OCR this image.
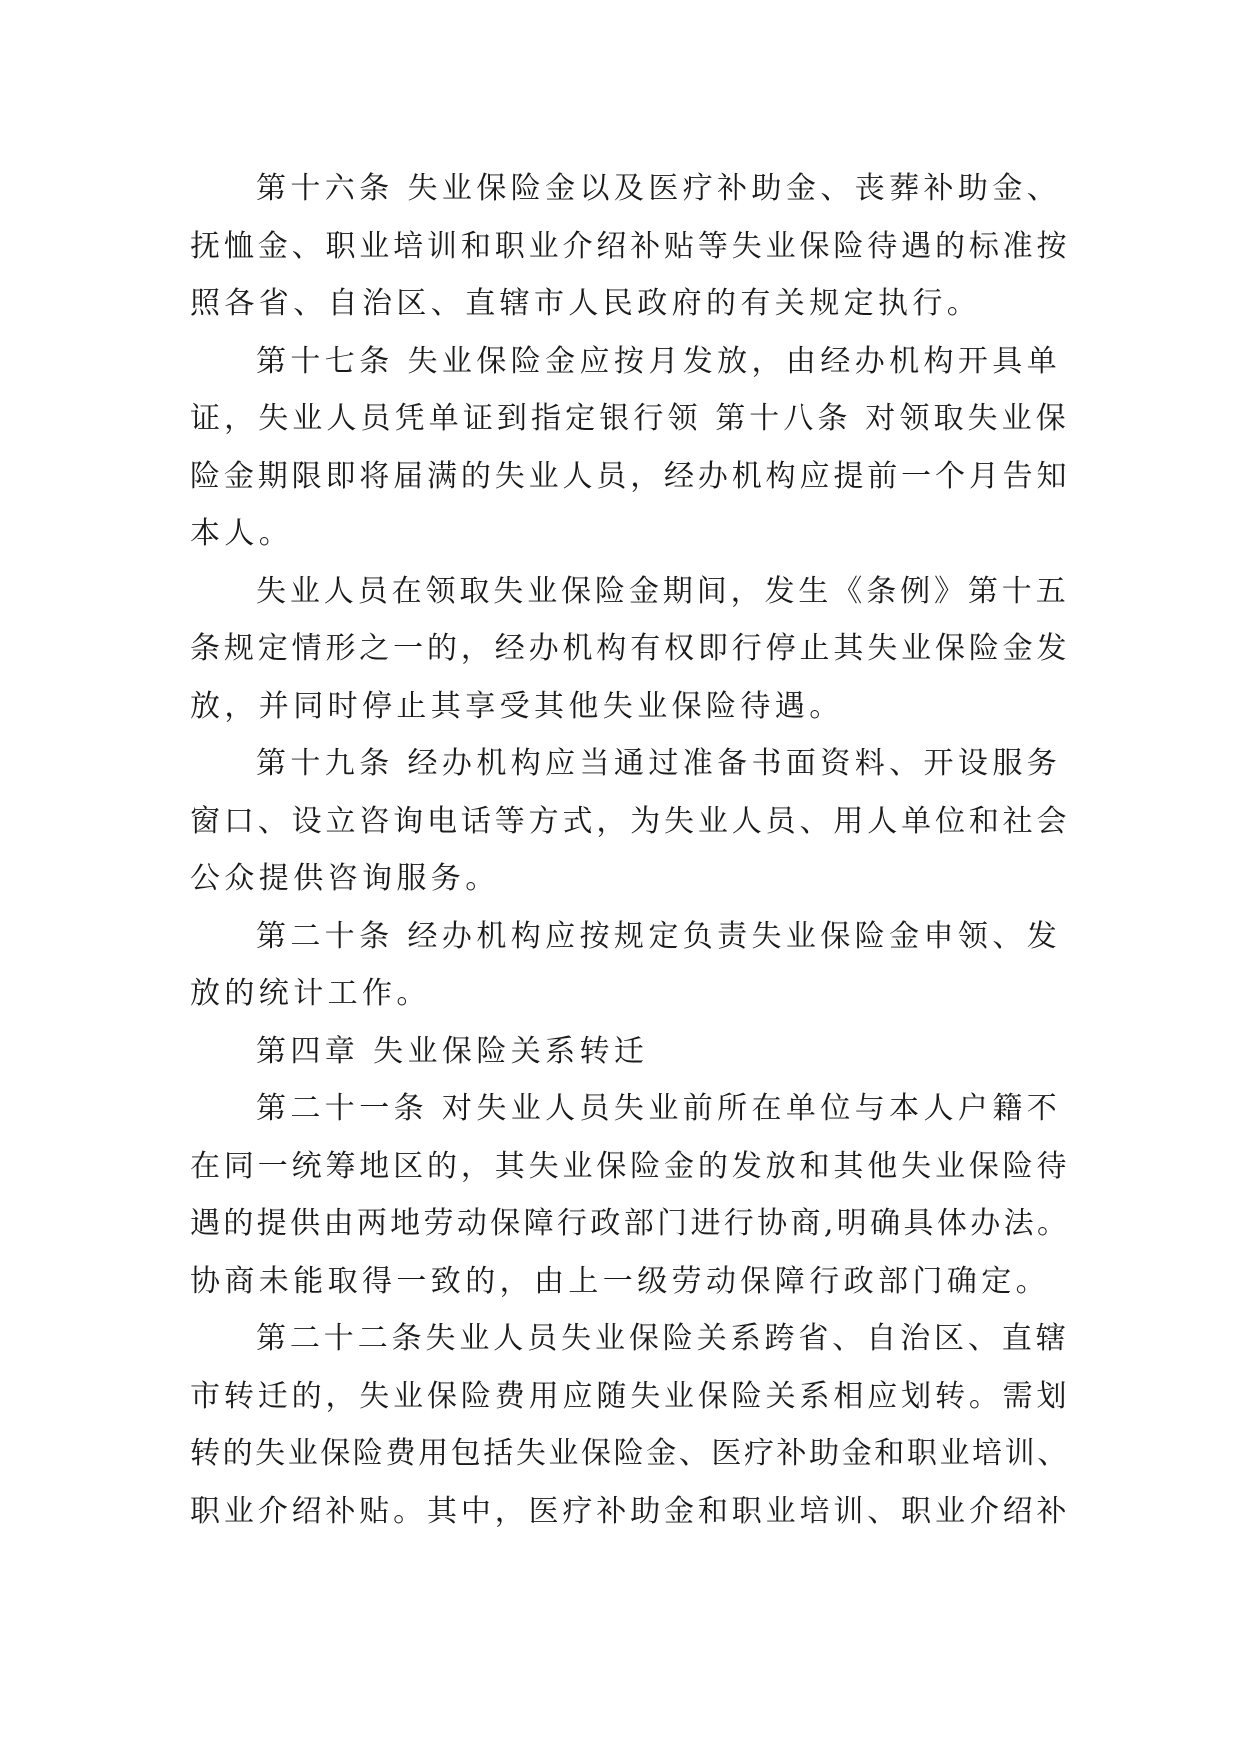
第十六条 失业保险金以及医疗补助金、丧葬补助金、
抚恤金、职业培训和职业介绍补贴等失业保险待遇的标准按
照各省、自治区、直辖市人民政府的有关规定执行。
第十七条 失业保险金应按月发放，由经办机构开具单
证，失业人员凭单证到指定银行领 第十八条 对领取失业保
险金期限即将届满的失业人员，经办机构应提前一个月告知
本人。
失业人员在领取失业保险金期间，发生《条例》第十五
条规定情形之一的，经办机构有权即行停止其失业保险金发
放，并同时停止其享受其他失业保险待遇。
第十九条 经办机构应当通过准备书面资料、开设服务
窗口、设立咨询电话等方式，为失业人员、用人单位和社会
公众提供咨询服务。
第二十条 经办机构应按规定负责失业保险金申领、发
放的统计工作。
第四章 失业保险关系转迁
第二十一条 对失业人员失业前所在单位与本人户籍不
在同一统筹地区的，其失业保险金的发放和其他失业保险待
遇的提供由两地劳动保障行政部门进行协商,明确具体办法。
协商未能取得一致的，由上一级劳动保障行政部门确定。
第二十二条失业人员失业保险关系跨省、自治区、直辖
市转迁的，失业保险费用应随失业保险关系相应划转。需划
转的失业保险费用包括失业保险金、医疗补助金和职业培训、
职业介绍补贴。其中，医疗补助金和职业培训、职业介绍补
